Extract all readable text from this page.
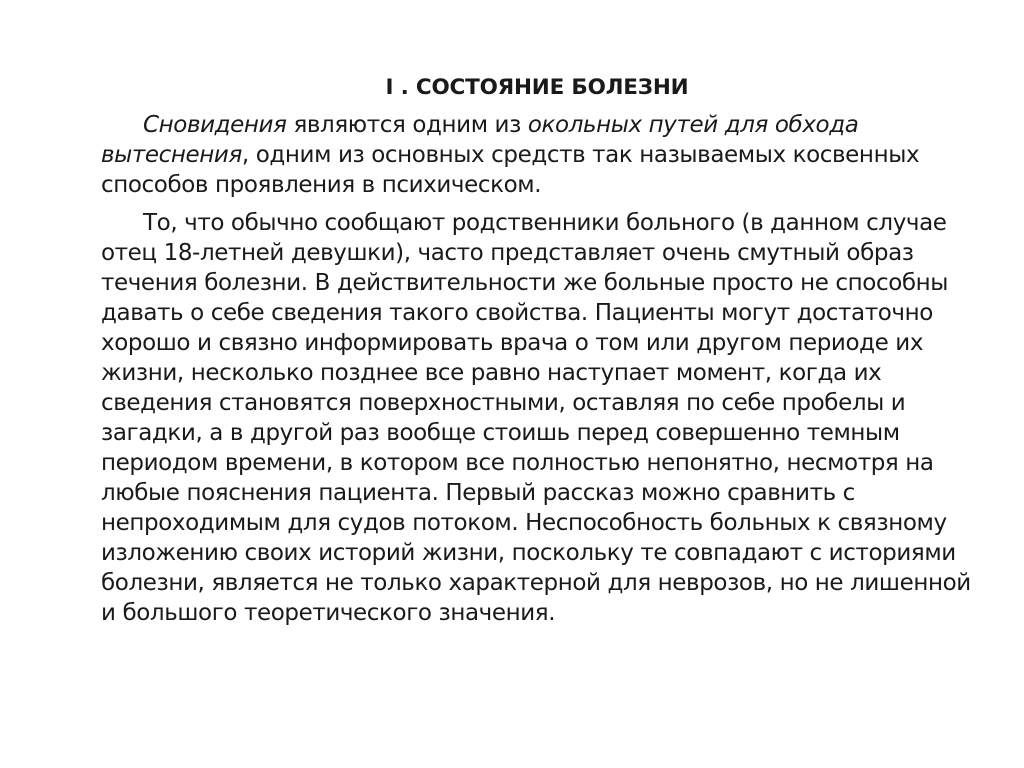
I . СОСТОЯНИЕ БОЛЕЗНИ

Сновидения являются одним из окольных путей для обхода вытеснения, одним из основных средств так называемых косвенных способов проявления в психическом.

То, что обычно сообщают родственники больного (в данном случае отец 18-летней девушки), часто представляет очень смутный образ течения болезни. В действительности же больные просто не способны давать о себе сведения такого свойства. Пациенты могут достаточно хорошо и связно информировать врача о том или другом периоде их жизни, несколько позднее все равно наступает момент, когда их сведения становятся поверхностными, оставляя по себе пробелы и загадки, а в другой раз вообще стоишь перед совершенно темным периодом времени, в котором все полностью непонятно, несмотря на любые пояснения пациента. Первый рассказ можно сравнить с непроходимым для судов потоком. Неспособность больных к связному изложению своих историй жизни, поскольку те совпадают с историями болезни, является не только характерной для неврозов, но не лишенной и большого теоретического значения.
